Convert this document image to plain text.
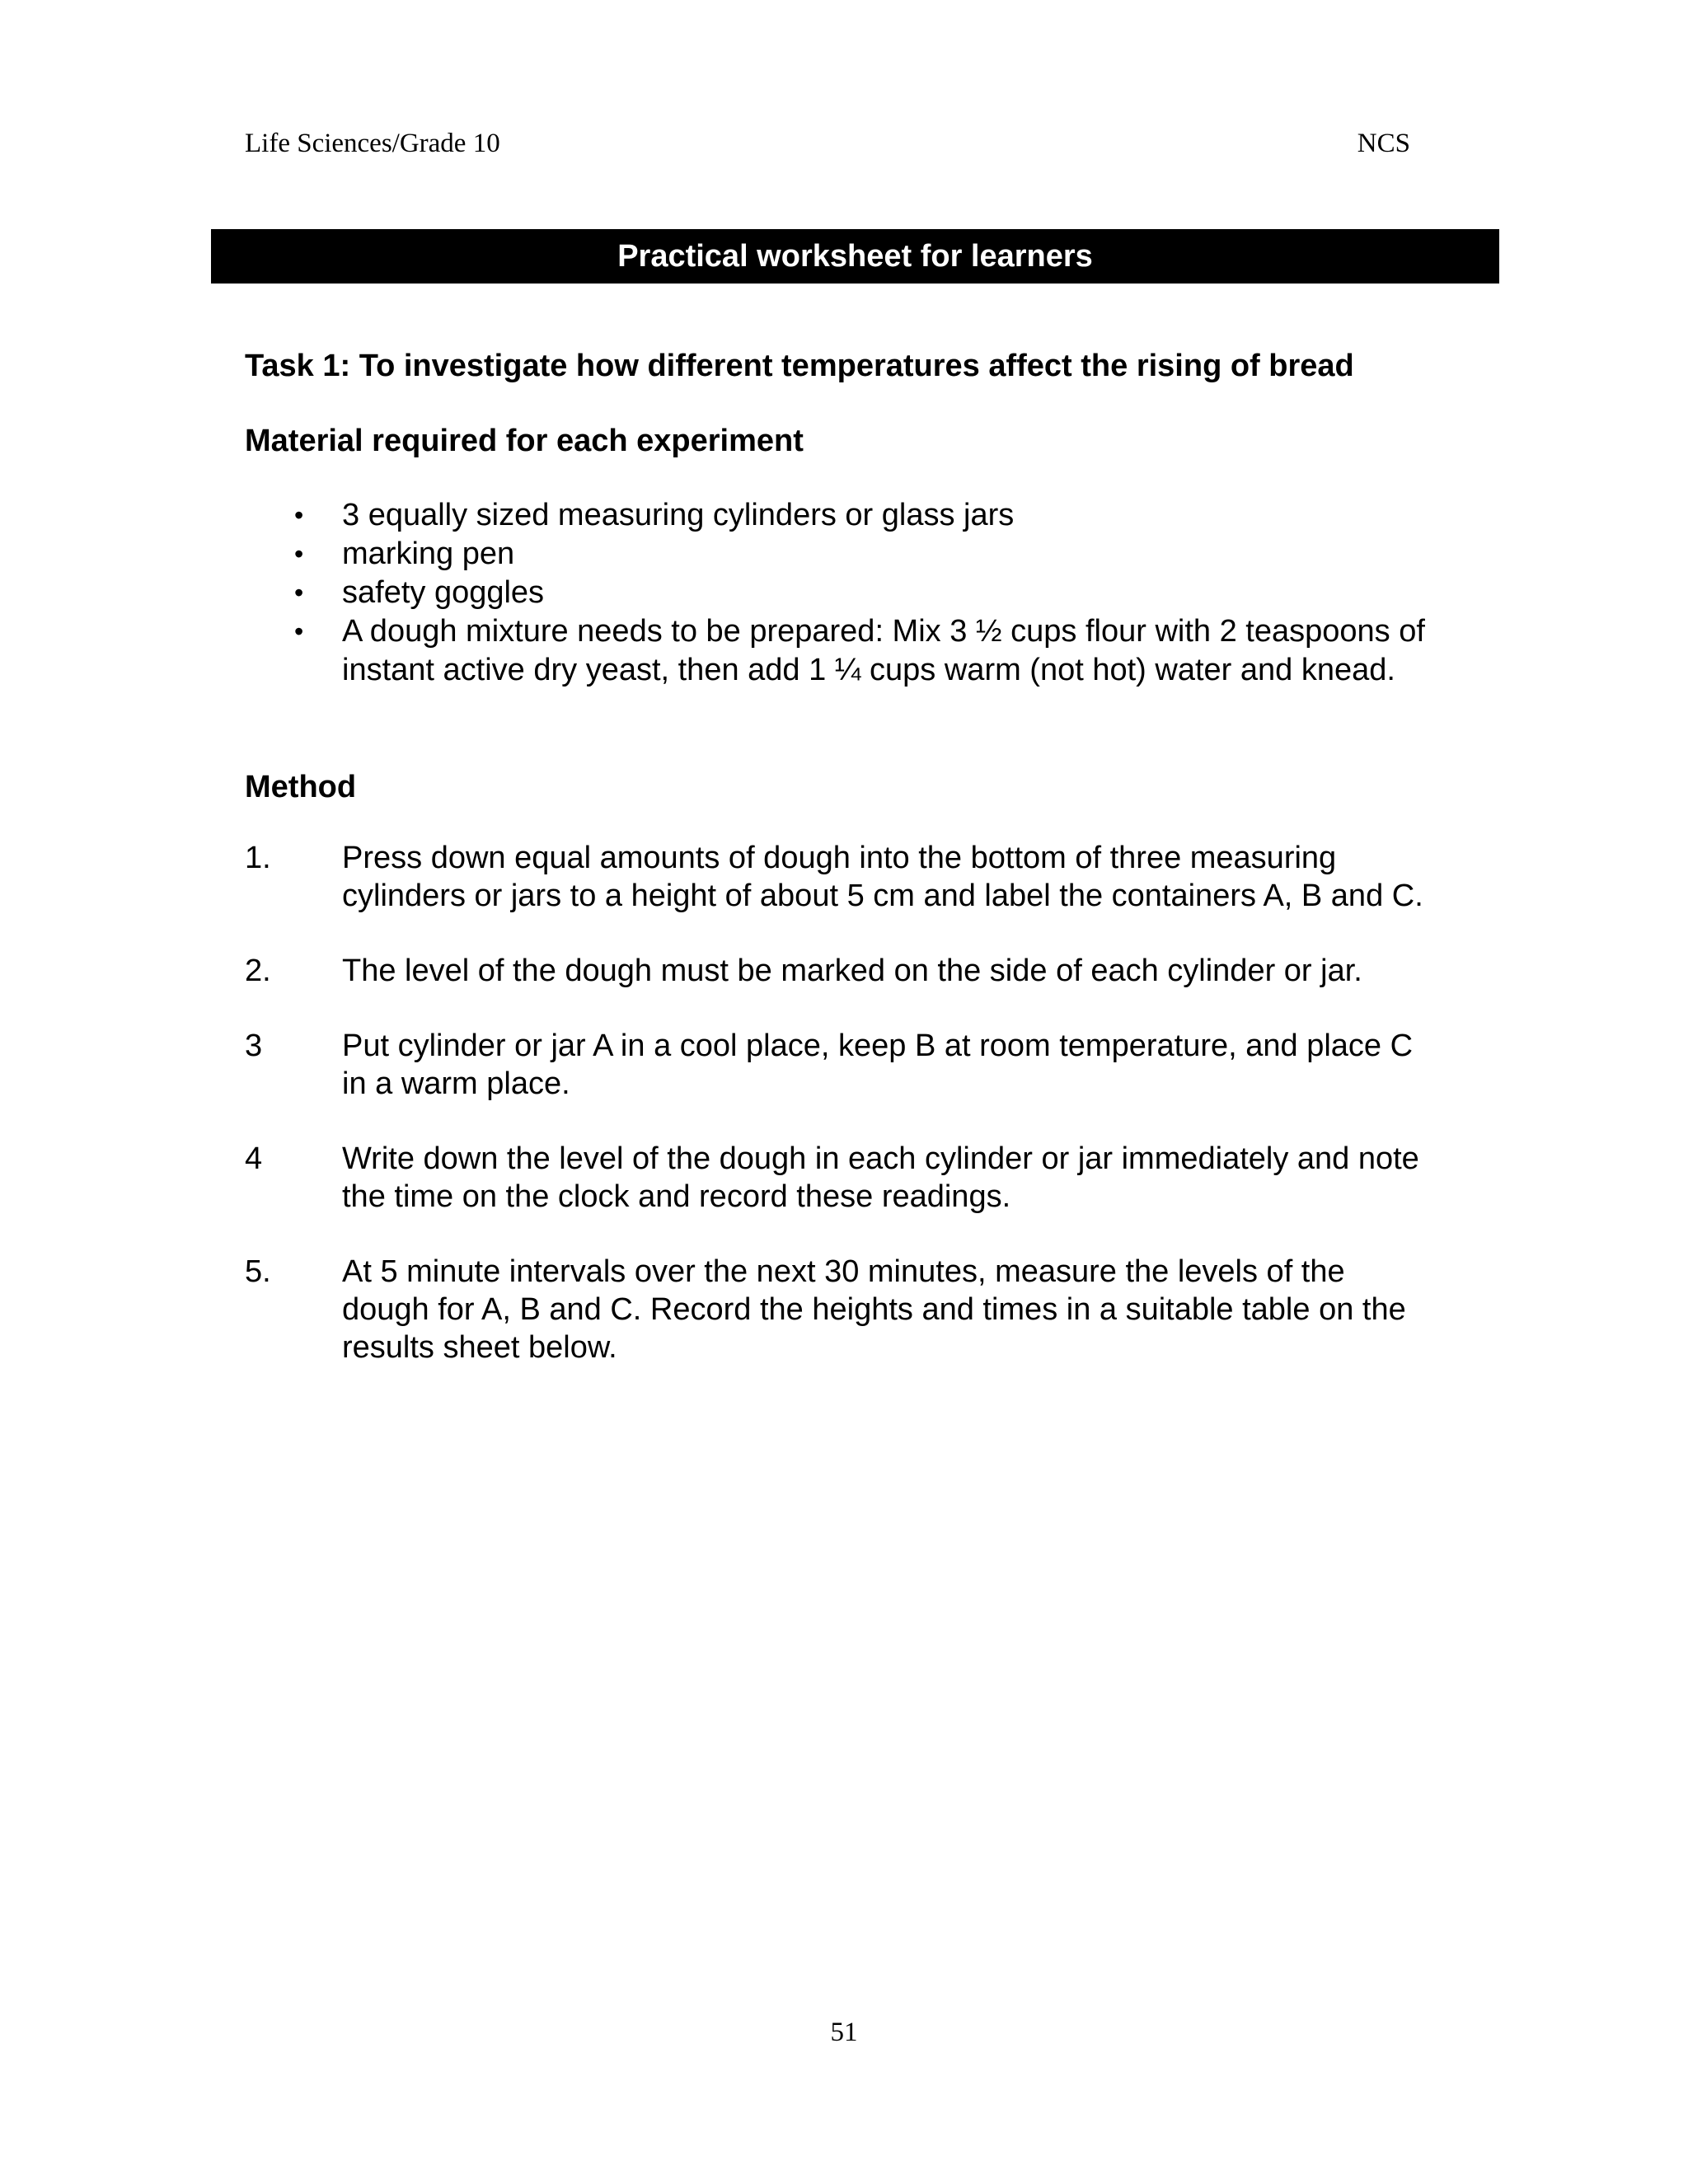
Life Sciences/Grade 10	NCS
Practical worksheet for learners
Task 1: To investigate how different temperatures affect the rising of bread
Material required for each experiment
• 3 equally sized measuring cylinders or glass jars
• marking pen
• safety goggles
• A dough mixture needs to be prepared: Mix 3 ½ cups flour with 2 teaspoons of instant active dry yeast, then add 1 ¼ cups warm (not hot) water and knead.
Method
1. Press down equal amounts of dough into the bottom of three measuring cylinders or jars to a height of about 5 cm and label the containers A, B and C.
2. The level of the dough must be marked on the side of each cylinder or jar.
3	Put cylinder or jar A in a cool place, keep B at room temperature, and place C in a warm place.
4	Write down the level of the dough in each cylinder or jar immediately and note the time on the clock and record these readings.
5. At 5 minute intervals over the next 30 minutes, measure the levels of the dough for A, B and C. Record the heights and times in a suitable table on the results sheet below.
51
